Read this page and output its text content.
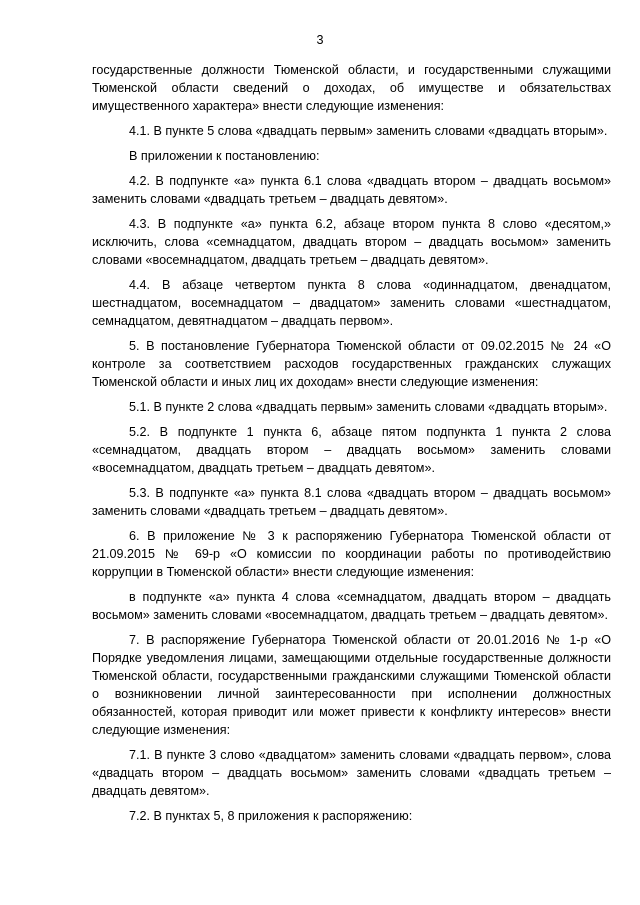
3

государственные должности Тюменской области, и государственными служащими Тюменской области сведений о доходах, об имуществе и обязательствах имущественного характера» внести следующие изменения:

4.1. В пункте 5 слова «двадцать первым» заменить словами «двадцать вторым».

В приложении к постановлению:

4.2. В подпункте «а» пункта 6.1 слова «двадцать втором – двадцать восьмом» заменить словами «двадцать третьем – двадцать девятом».

4.3. В подпункте «а» пункта 6.2, абзаце втором пункта 8 слово «десятом,» исключить, слова «семнадцатом, двадцать втором – двадцать восьмом» заменить словами «восемнадцатом, двадцать третьем – двадцать девятом».

4.4. В абзаце четвертом пункта 8 слова «одиннадцатом, двенадцатом, шестнадцатом, восемнадцатом – двадцатом» заменить словами «шестнадцатом, семнадцатом, девятнадцатом – двадцать первом».

5. В постановление Губернатора Тюменской области от 09.02.2015 № 24 «О контроле за соответствием расходов государственных гражданских служащих Тюменской области и иных лиц их доходам» внести следующие изменения:

5.1. В пункте 2 слова «двадцать первым» заменить словами «двадцать вторым».

5.2. В подпункте 1 пункта 6, абзаце пятом подпункта 1 пункта 2 слова «семнадцатом, двадцать втором – двадцать восьмом» заменить словами «восемнадцатом, двадцать третьем – двадцать девятом».

5.3. В подпункте «а» пункта 8.1 слова «двадцать втором – двадцать восьмом» заменить словами «двадцать третьем – двадцать девятом».

6. В приложение № 3 к распоряжению Губернатора Тюменской области от 21.09.2015 № 69-р «О комиссии по координации работы по противодействию коррупции в Тюменской области» внести следующие изменения:

в подпункте «а» пункта 4 слова «семнадцатом, двадцать втором – двадцать восьмом» заменить словами «восемнадцатом, двадцать третьем – двадцать девятом».

7. В распоряжение Губернатора Тюменской области от 20.01.2016 № 1-р «О Порядке уведомления лицами, замещающими отдельные государственные должности Тюменской области, государственными гражданскими служащими Тюменской области о возникновении личной заинтересованности при исполнении должностных обязанностей, которая приводит или может привести к конфликту интересов» внести следующие изменения:

7.1. В пункте 3 слово «двадцатом» заменить словами «двадцать первом», слова «двадцать втором – двадцать восьмом» заменить словами «двадцать третьем – двадцать девятом».

7.2. В пунктах 5, 8 приложения к распоряжению:
